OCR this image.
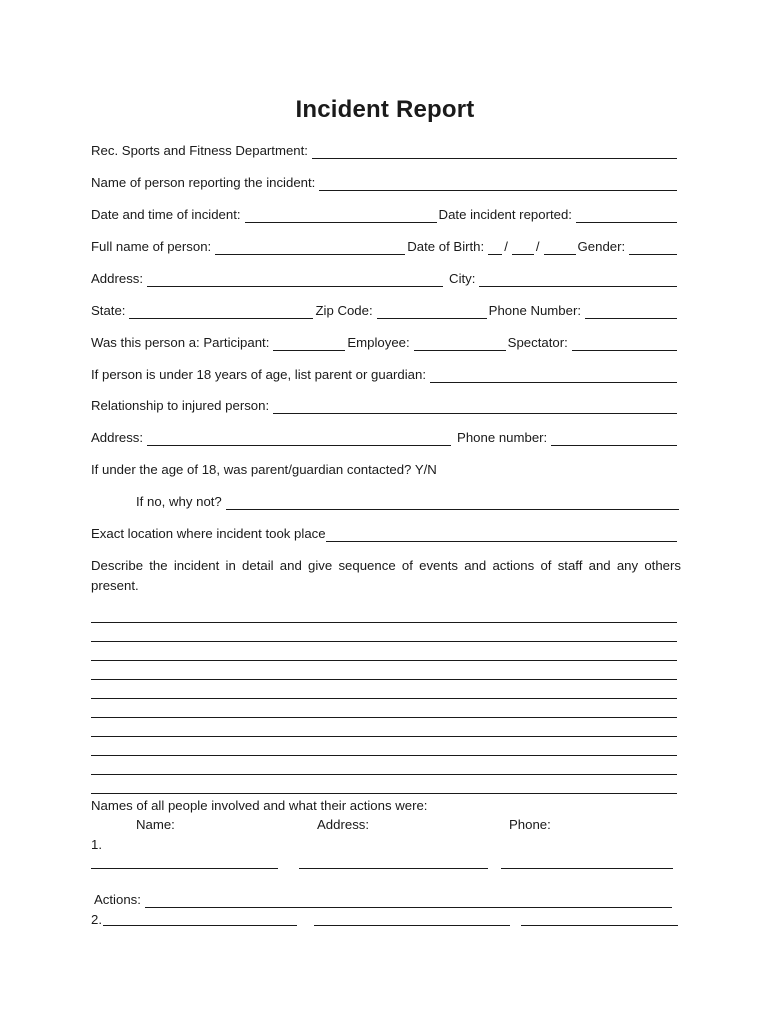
Incident Report
Rec. Sports and Fitness Department:
Name of person reporting the incident:
Date and time of incident:	Date incident reported:
Full name of person:	Date of Birth: / /	Gender:
Address:	City:
State:	Zip Code:	Phone Number:
Was this person a: Participant:	Employee:	Spectator:
If person is under 18 years of age, list parent or guardian:
Relationship to injured person:
Address:	Phone number:
If under the age of 18, was parent/guardian contacted? Y/N
If no, why not?
Exact location where incident took place
Describe the incident in detail and give sequence of events and actions of staff and any others present.
Names of all people involved and what their actions were:
Name:	Address:	Phone:
1.
Actions:
2.
